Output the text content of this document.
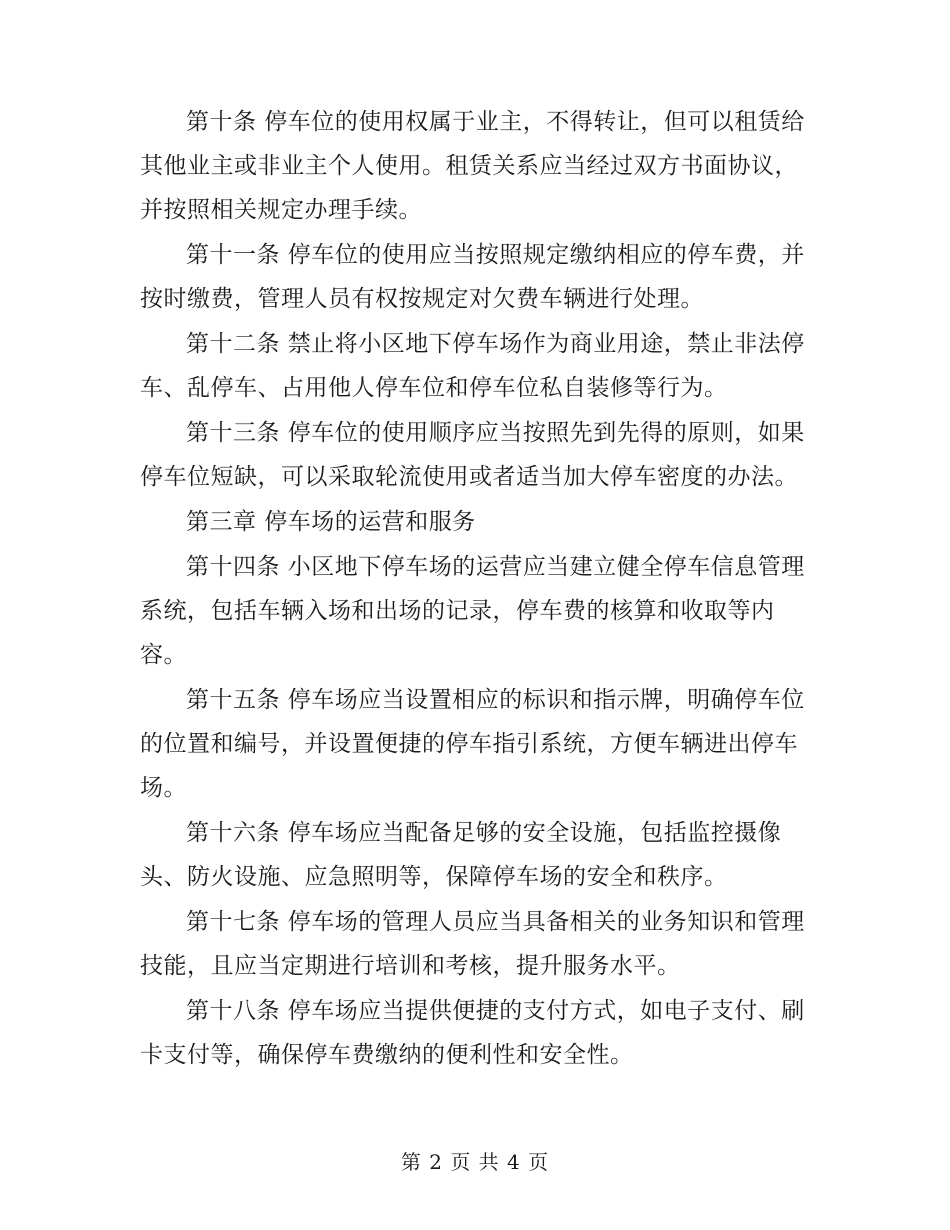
第十条 停车位的使用权属于业主，不得转让，但可以租赁给其他业主或非业主个人使用。租赁关系应当经过双方书面协议，并按照相关规定办理手续。

第十一条 停车位的使用应当按照规定缴纳相应的停车费，并按时缴费，管理人员有权按规定对欠费车辆进行处理。

第十二条 禁止将小区地下停车场作为商业用途，禁止非法停车、乱停车、占用他人停车位和停车位私自装修等行为。

第十三条 停车位的使用顺序应当按照先到先得的原则，如果停车位短缺，可以采取轮流使用或者适当加大停车密度的办法。

第三章 停车场的运营和服务

第十四条 小区地下停车场的运营应当建立健全停车信息管理系统，包括车辆入场和出场的记录，停车费的核算和收取等内容。

第十五条 停车场应当设置相应的标识和指示牌，明确停车位的位置和编号，并设置便捷的停车指引系统，方便车辆进出停车场。

第十六条 停车场应当配备足够的安全设施，包括监控摄像头、防火设施、应急照明等，保障停车场的安全和秩序。

第十七条 停车场的管理人员应当具备相关的业务知识和管理技能，且应当定期进行培训和考核，提升服务水平。

第十八条 停车场应当提供便捷的支付方式，如电子支付、刷卡支付等，确保停车费缴纳的便利性和安全性。

第 2 页 共 4 页
